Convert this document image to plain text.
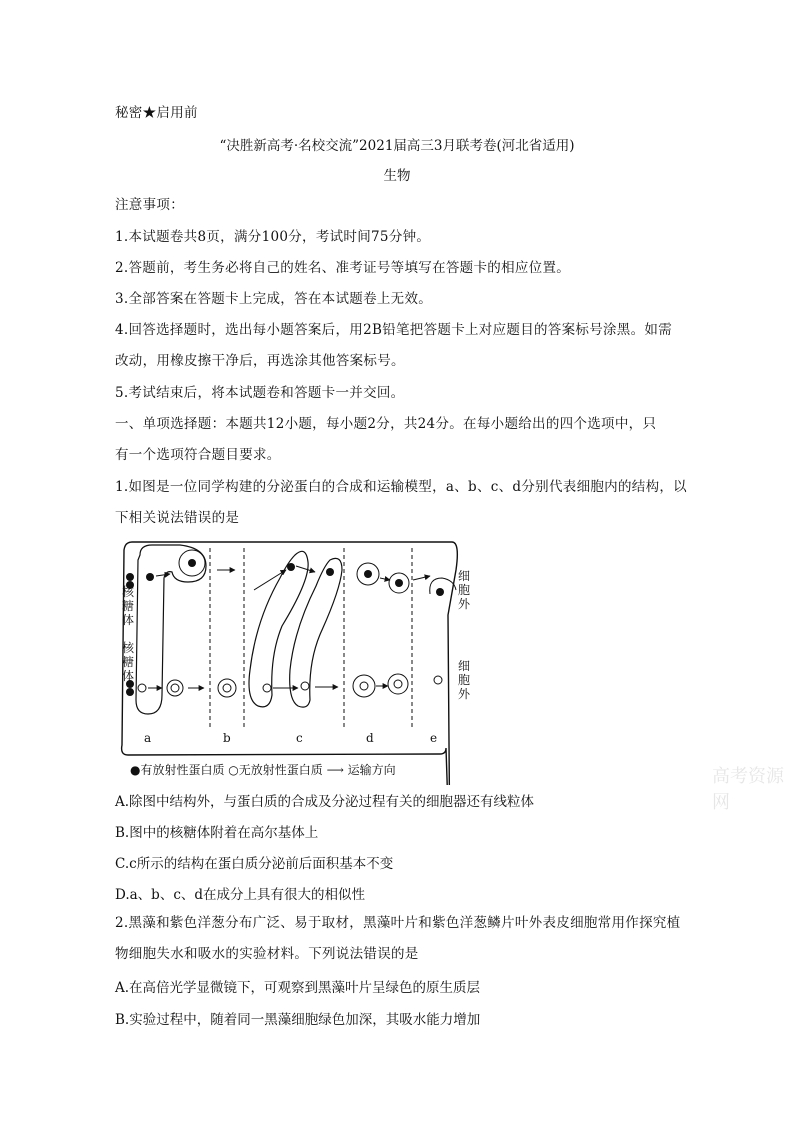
秘密★启用前
“决胜新高考·名校交流”2021届高三3月联考卷(河北省适用)
生物
注意事项：
1.本试题卷共8页，满分100分，考试时间75分钟。
2.答题前，考生务必将自己的姓名、准考证号等填写在答题卡的相应位置。
3.全部答案在答题卡上完成，答在本试题卷上无效。
4.回答选择题时，选出每小题答案后，用2B铅笔把答题卡上对应题目的答案标号涂黑。如需
改动，用橡皮擦干净后，再选涂其他答案标号。
5.考试结束后，将本试题卷和答题卡一并交回。
一、单项选择题：本题共12小题，每小题2分，共24分。在每小题给出的四个选项中，只
有一个选项符合题目要求。
1.如图是一位同学构建的分泌蛋白的合成和运输模型，a、b、c、d分别代表细胞内的结构，以
下相关说法错误的是
核
糖
体
核
糖
体
细
胞
外
细
胞
外
a	b	c	d	e
●有放射性蛋白质 ○无放射性蛋白质 ⟶ 运输方向	高考资源网
A.除图中结构外，与蛋白质的合成及分泌过程有关的细胞器还有线粒体
B.图中的核糖体附着在高尔基体上
C.c所示的结构在蛋白质分泌前后面积基本不变
D.a、b、c、d在成分上具有很大的相似性
2.黑藻和紫色洋葱分布广泛、易于取材，黑藻叶片和紫色洋葱鳞片叶外表皮细胞常用作探究植
物细胞失水和吸水的实验材料。下列说法错误的是
A.在高倍光学显微镜下，可观察到黑藻叶片呈绿色的原生质层
B.实验过程中，随着同一黑藻细胞绿色加深，其吸水能力增加
